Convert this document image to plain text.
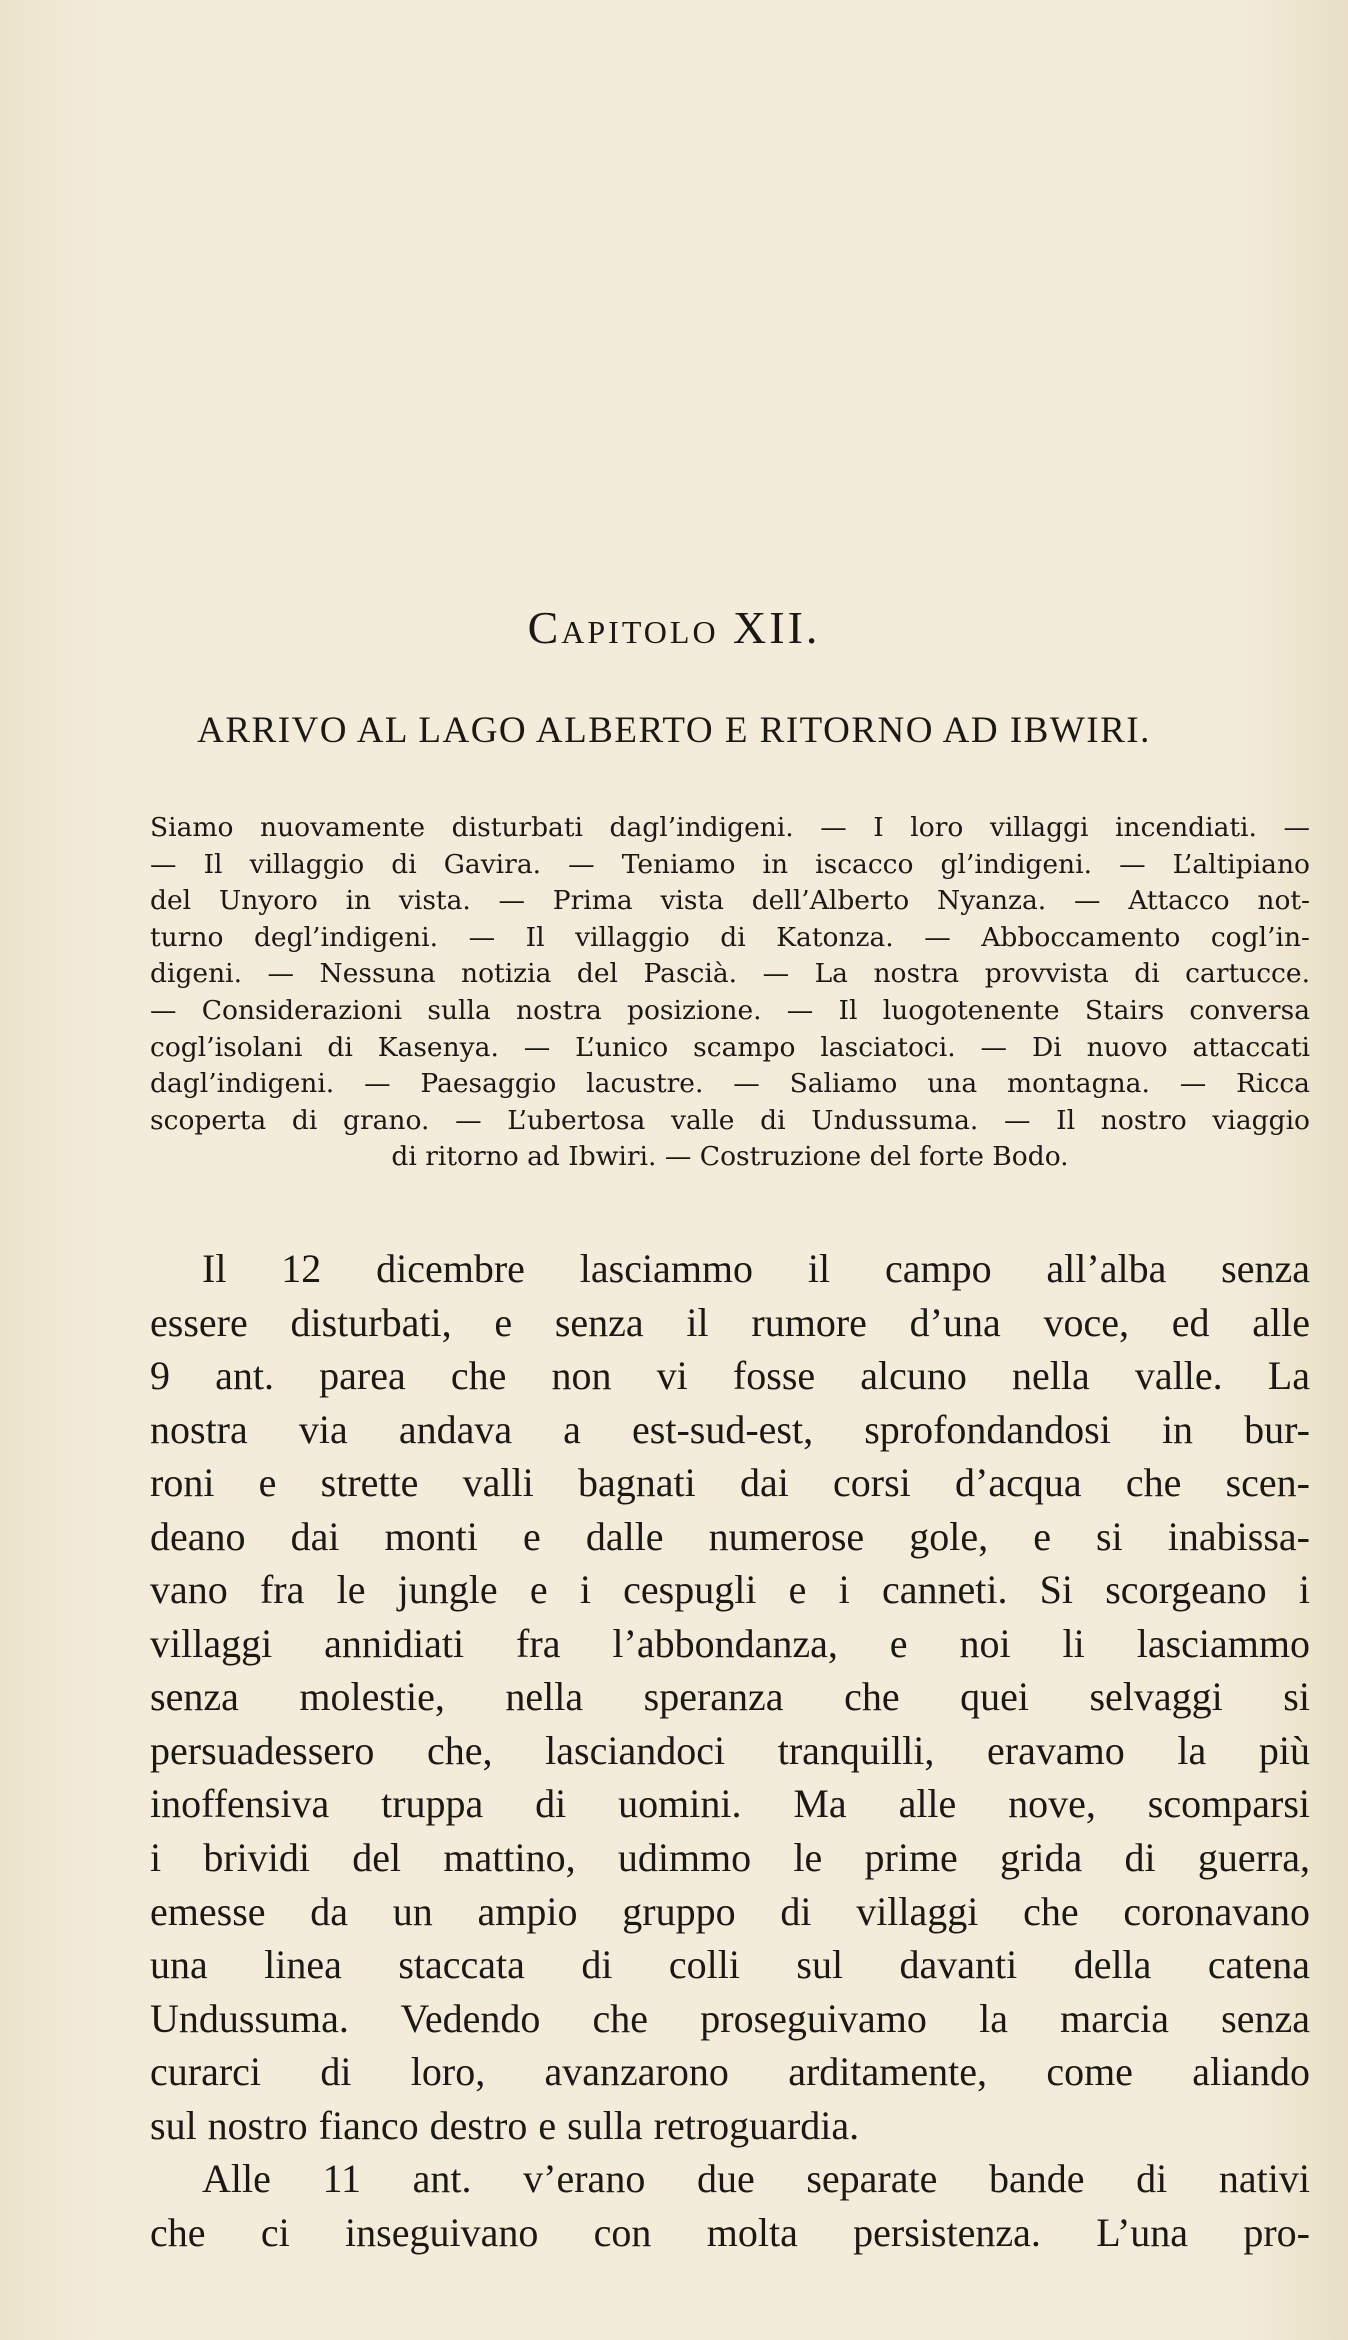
Capitolo XII.
ARRIVO AL LAGO ALBERTO E RITORNO AD IBWIRI.
Siamo nuovamente disturbati dagl’indigeni. — I loro villaggi incendiati. —
— Il villaggio di Gavira. — Teniamo in iscacco gl’indigeni. — L’altipiano
del Unyoro in vista. — Prima vista dell’Alberto Nyanza. — Attacco not-
turno degl’indigeni. — Il villaggio di Katonza. — Abboccamento cogl’in-
digeni. — Nessuna notizia del Pascià. — La nostra provvista di cartucce.
— Considerazioni sulla nostra posizione. — Il luogotenente Stairs conversa
cogl’isolani di Kasenya. — L’unico scampo lasciatoci. — Di nuovo attaccati
dagl’indigeni. — Paesaggio lacustre. — Saliamo una montagna. — Ricca
scoperta di grano. — L’ubertosa valle di Undussuma. — Il nostro viaggio
di ritorno ad Ibwiri. — Costruzione del forte Bodo.
Il 12 dicembre lasciammo il campo all’alba senza
essere disturbati, e senza il rumore d’una voce, ed alle
9 ant. parea che non vi fosse alcuno nella valle. La
nostra via andava a est-sud-est, sprofondandosi in bur-
roni e strette valli bagnati dai corsi d’acqua che scen-
deano dai monti e dalle numerose gole, e si inabissa-
vano fra le jungle e i cespugli e i canneti. Si scorgeano i
villaggi annidiati fra l’abbondanza, e noi li lasciammo
senza molestie, nella speranza che quei selvaggi si
persuadessero che, lasciandoci tranquilli, eravamo la più
inoffensiva truppa di uomini. Ma alle nove, scomparsi
i brividi del mattino, udimmo le prime grida di guerra,
emesse da un ampio gruppo di villaggi che coronavano
una linea staccata di colli sul davanti della catena
Undussuma. Vedendo che proseguivamo la marcia senza
curarci di loro, avanzarono arditamente, come aliando
sul nostro fianco destro e sulla retroguardia.
Alle 11 ant. v’erano due separate bande di nativi
che ci inseguivano con molta persistenza. L’una pro-
